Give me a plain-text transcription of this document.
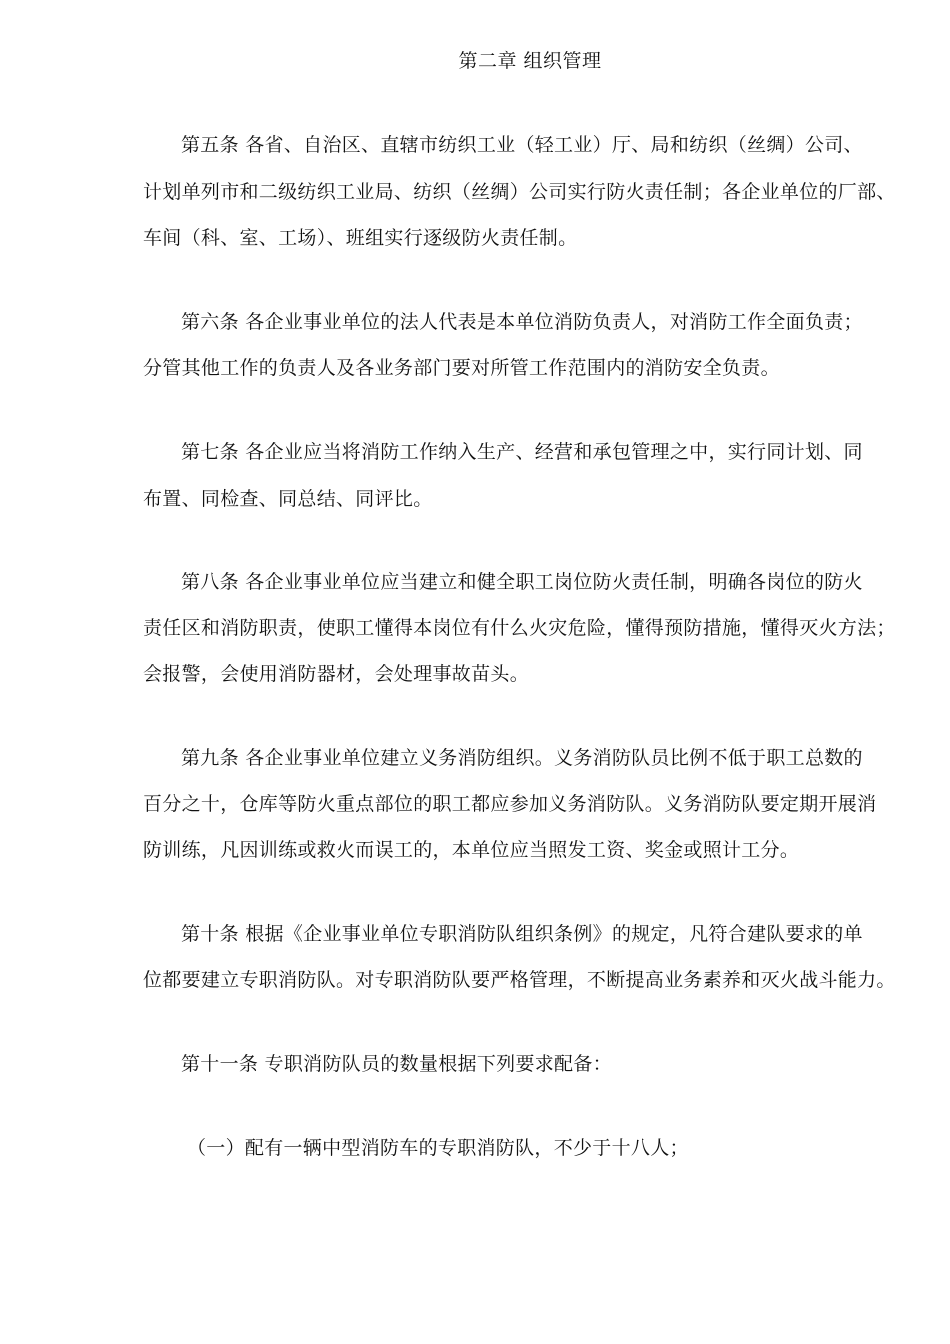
第二章 组织管理
第五条 各省、自治区、直辖市纺织工业（轻工业）厅、局和纺织（丝绸）公司、
计划单列市和二级纺织工业局、纺织（丝绸）公司实行防火责任制；各企业单位的厂部、
车间（科、室、工场）、班组实行逐级防火责任制。
第六条 各企业事业单位的法人代表是本单位消防负责人，对消防工作全面负责；
分管其他工作的负责人及各业务部门要对所管工作范围内的消防安全负责。
第七条 各企业应当将消防工作纳入生产、经营和承包管理之中，实行同计划、同
布置、同检查、同总结、同评比。
第八条 各企业事业单位应当建立和健全职工岗位防火责任制，明确各岗位的防火
责任区和消防职责，使职工懂得本岗位有什么火灾危险，懂得预防措施，懂得灭火方法；
会报警，会使用消防器材，会处理事故苗头。
第九条 各企业事业单位建立义务消防组织。义务消防队员比例不低于职工总数的
百分之十，仓库等防火重点部位的职工都应参加义务消防队。义务消防队要定期开展消
防训练，凡因训练或救火而误工的，本单位应当照发工资、奖金或照计工分。
第十条 根据《企业事业单位专职消防队组织条例》的规定，凡符合建队要求的单
位都要建立专职消防队。对专职消防队要严格管理，不断提高业务素养和灭火战斗能力。
第十一条 专职消防队员的数量根据下列要求配备：
（一）配有一辆中型消防车的专职消防队，不少于十八人；
